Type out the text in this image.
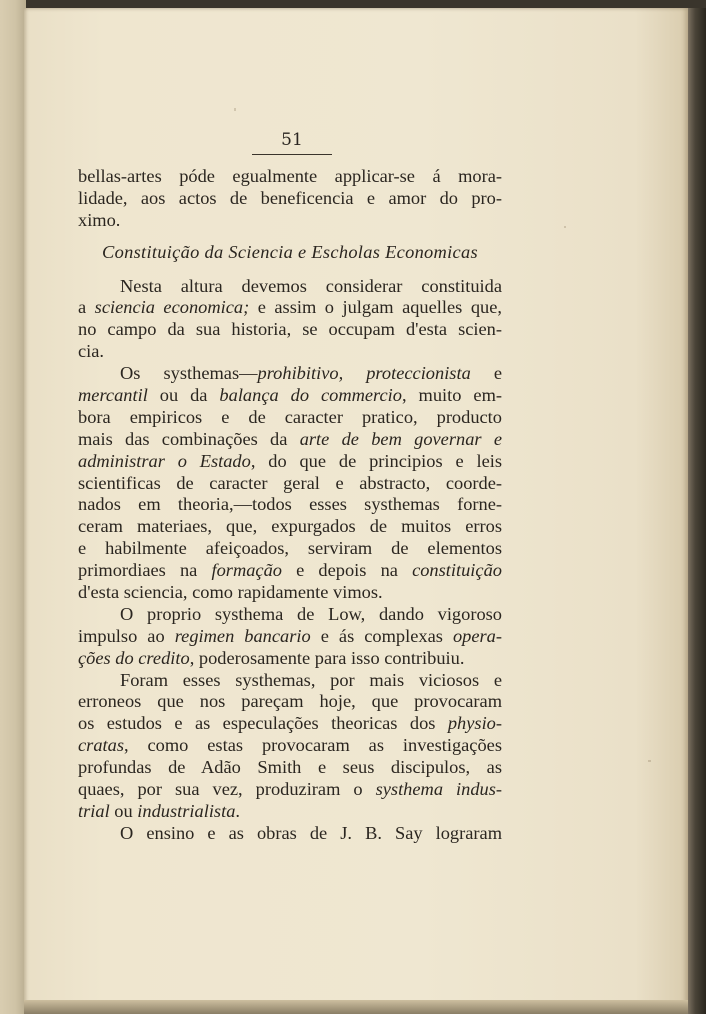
51
bellas-artes póde egualmente applicar-se á mora-
lidade, aos actos de beneficencia e amor do pro-
ximo.
Constituição da Sciencia e Escholas Economicas
Nesta altura devemos considerar constituida
a sciencia economica; e assim o julgam aquelles que,
no campo da sua historia, se occupam d'esta scien-
cia.
Os systhemas—prohibitivo, proteccionista e
mercantil ou da balança do commercio, muito em-
bora empiricos e de caracter pratico, producto
mais das combinações da arte de bem governar e
administrar o Estado, do que de principios e leis
scientificas de caracter geral e abstracto, coorde-
nados em theoria,—todos esses systhemas forne-
ceram materiaes, que, expurgados de muitos erros
e habilmente afeiçoados, serviram de elementos
primordiaes na formação e depois na constituição
d'esta sciencia, como rapidamente vimos.
O proprio systhema de Low, dando vigoroso
impulso ao regimen bancario e ás complexas opera-
ções do credito, poderosamente para isso contribuiu.
Foram esses systhemas, por mais viciosos e
erroneos que nos pareçam hoje, que provocaram
os estudos e as especulações theoricas dos physio-
cratas, como estas provocaram as investigações
profundas de Adão Smith e seus discipulos, as
quaes, por sua vez, produziram o systhema indus-
trial ou industrialista.
O ensino e as obras de J. B. Say lograram
